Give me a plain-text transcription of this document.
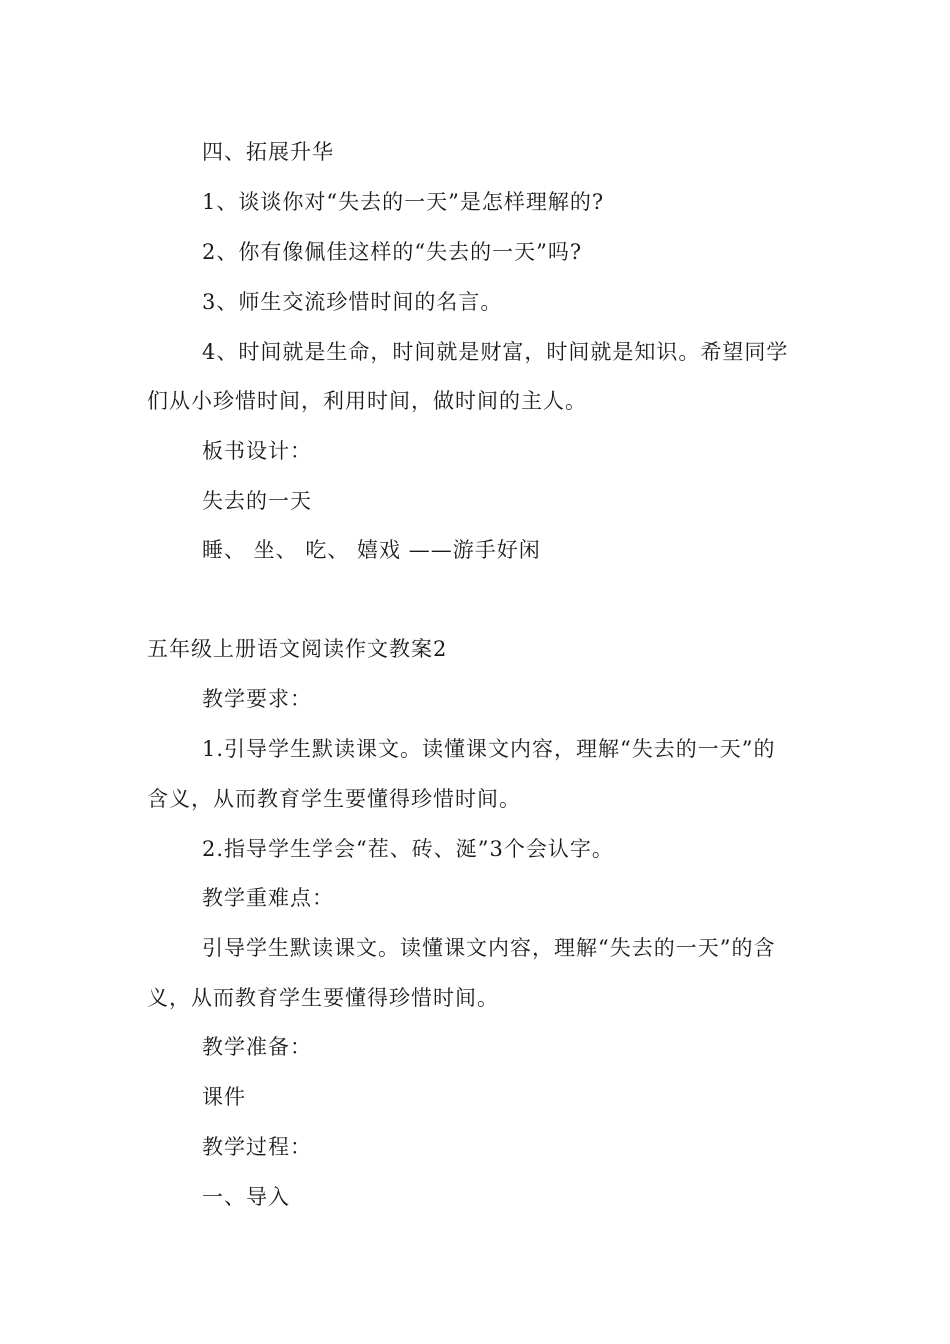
四、拓展升华
1、谈谈你对“失去的一天”是怎样理解的?
2、你有像佩佳这样的“失去的一天”吗?
3、师生交流珍惜时间的名言。
4、时间就是生命，时间就是财富，时间就是知识。希望同学
们从小珍惜时间，利用时间，做时间的主人。
板书设计：
失去的一天
睡、 坐、 吃、 嬉戏 ——游手好闲
五年级上册语文阅读作文教案2
教学要求：
1.引导学生默读课文。读懂课文内容，理解“失去的一天”的
含义，从而教育学生要懂得珍惜时间。
2.指导学生学会“茬、砖、涎”3个会认字。
教学重难点：
引导学生默读课文。读懂课文内容，理解“失去的一天”的含
义，从而教育学生要懂得珍惜时间。
教学准备：
课件
教学过程：
一、导入
